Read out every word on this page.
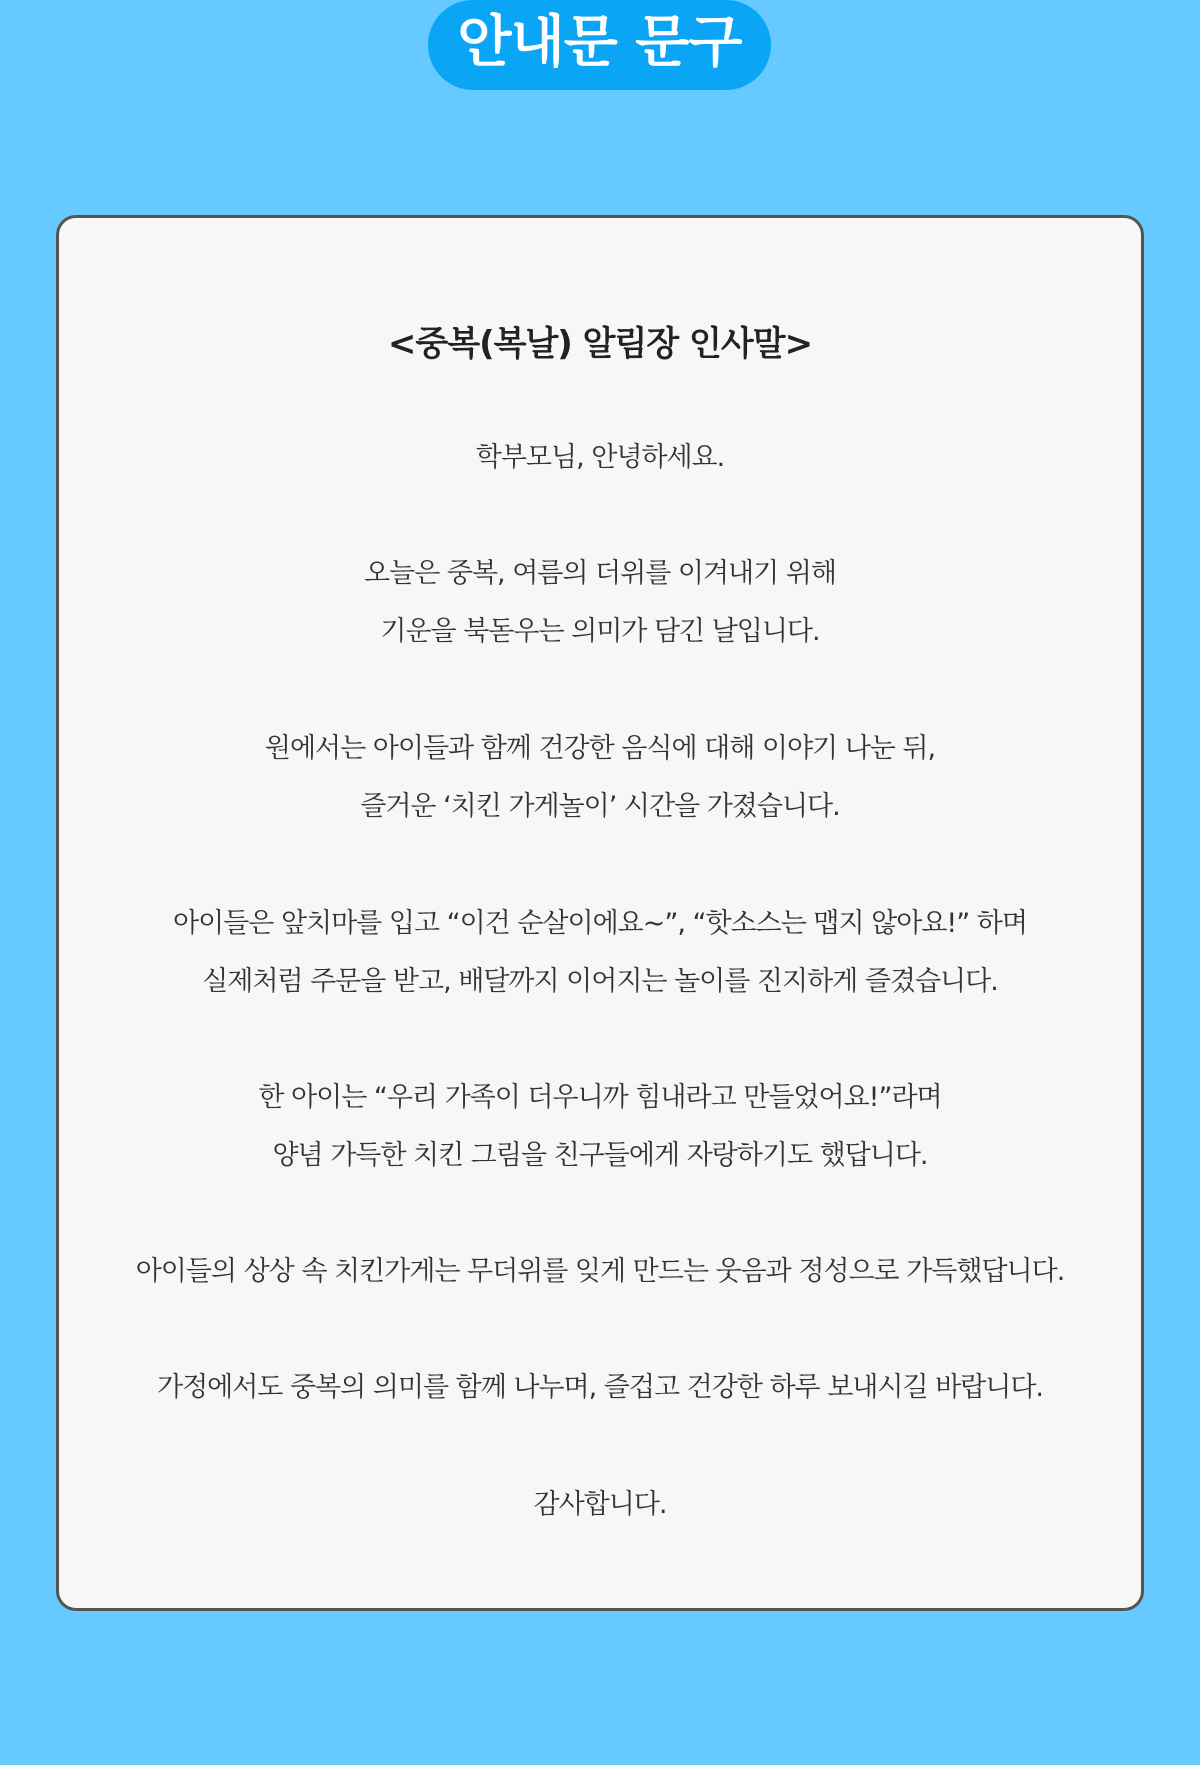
안내문 문구
<중복(복날) 알림장 인사말>
학부모님, 안녕하세요.
오늘은 중복, 여름의 더위를 이겨내기 위해
기운을 북돋우는 의미가 담긴 날입니다.
원에서는 아이들과 함께 건강한 음식에 대해 이야기 나눈 뒤,
즐거운 ‘치킨 가게놀이’ 시간을 가졌습니다.
아이들은 앞치마를 입고 “이건 순살이에요~”, “핫소스는 맵지 않아요!” 하며
실제처럼 주문을 받고, 배달까지 이어지는 놀이를 진지하게 즐겼습니다.
한 아이는 “우리 가족이 더우니까 힘내라고 만들었어요!”라며
양념 가득한 치킨 그림을 친구들에게 자랑하기도 했답니다.
아이들의 상상 속 치킨가게는 무더위를 잊게 만드는 웃음과 정성으로 가득했답니다.
가정에서도 중복의 의미를 함께 나누며, 즐겁고 건강한 하루 보내시길 바랍니다.
감사합니다.
